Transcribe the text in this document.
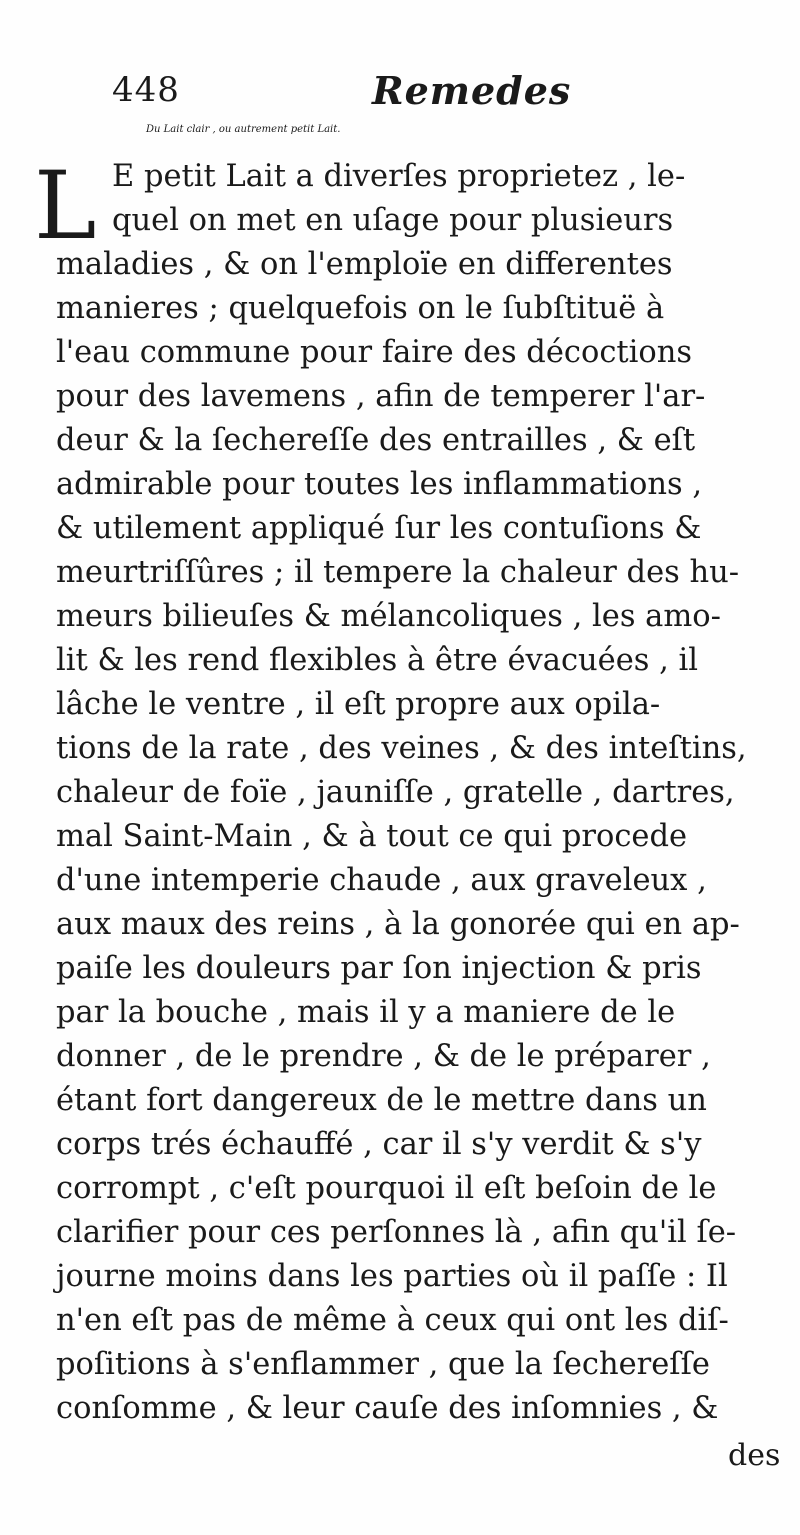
448	Remedes
Du Lait clair , ou autrement petit Lait.
L E petit Lait a diverſes proprietez , le-
quel on met en uſage pour plusieurs
maladies , & on l'emploïe en differentes
manieres ; quelquefois on le ſubſtituë à
l'eau commune pour faire des décoctions
pour des lavemens , afin de temperer l'ar-
deur & la ſechereſſe des entrailles , & eſt
admirable pour toutes les inflammations ,
& utilement appliqué ſur les contuſions &
meurtriſſûres ; il tempere la chaleur des hu-
meurs bilieuſes & mélancoliques , les amo-
lit & les rend flexibles à être évacuées , il
lâche le ventre , il eſt propre aux opila-
tions de la rate , des veines , & des inteſtins,
chaleur de foïe , jauniſſe , gratelle , dartres,
mal Saint-Main , & à tout ce qui procede
d'une intemperie chaude , aux graveleux ,
aux maux des reins , à la gonorée qui en ap-
paiſe les douleurs par ſon injection & pris
par la bouche , mais il y a maniere de le
donner , de le prendre , & de le préparer ,
étant fort dangereux de le mettre dans un
corps trés échauffé , car il s'y verdit & s'y
corrompt , c'eſt pourquoi il eſt beſoin de le
clarifier pour ces perſonnes là , afin qu'il ſe-
journe moins dans les parties où il paſſe : Il
n'en eſt pas de même à ceux qui ont les diſ-
poſitions à s'enflammer , que la ſechereſſe
conſomme , & leur cauſe des inſomnies , &
des
